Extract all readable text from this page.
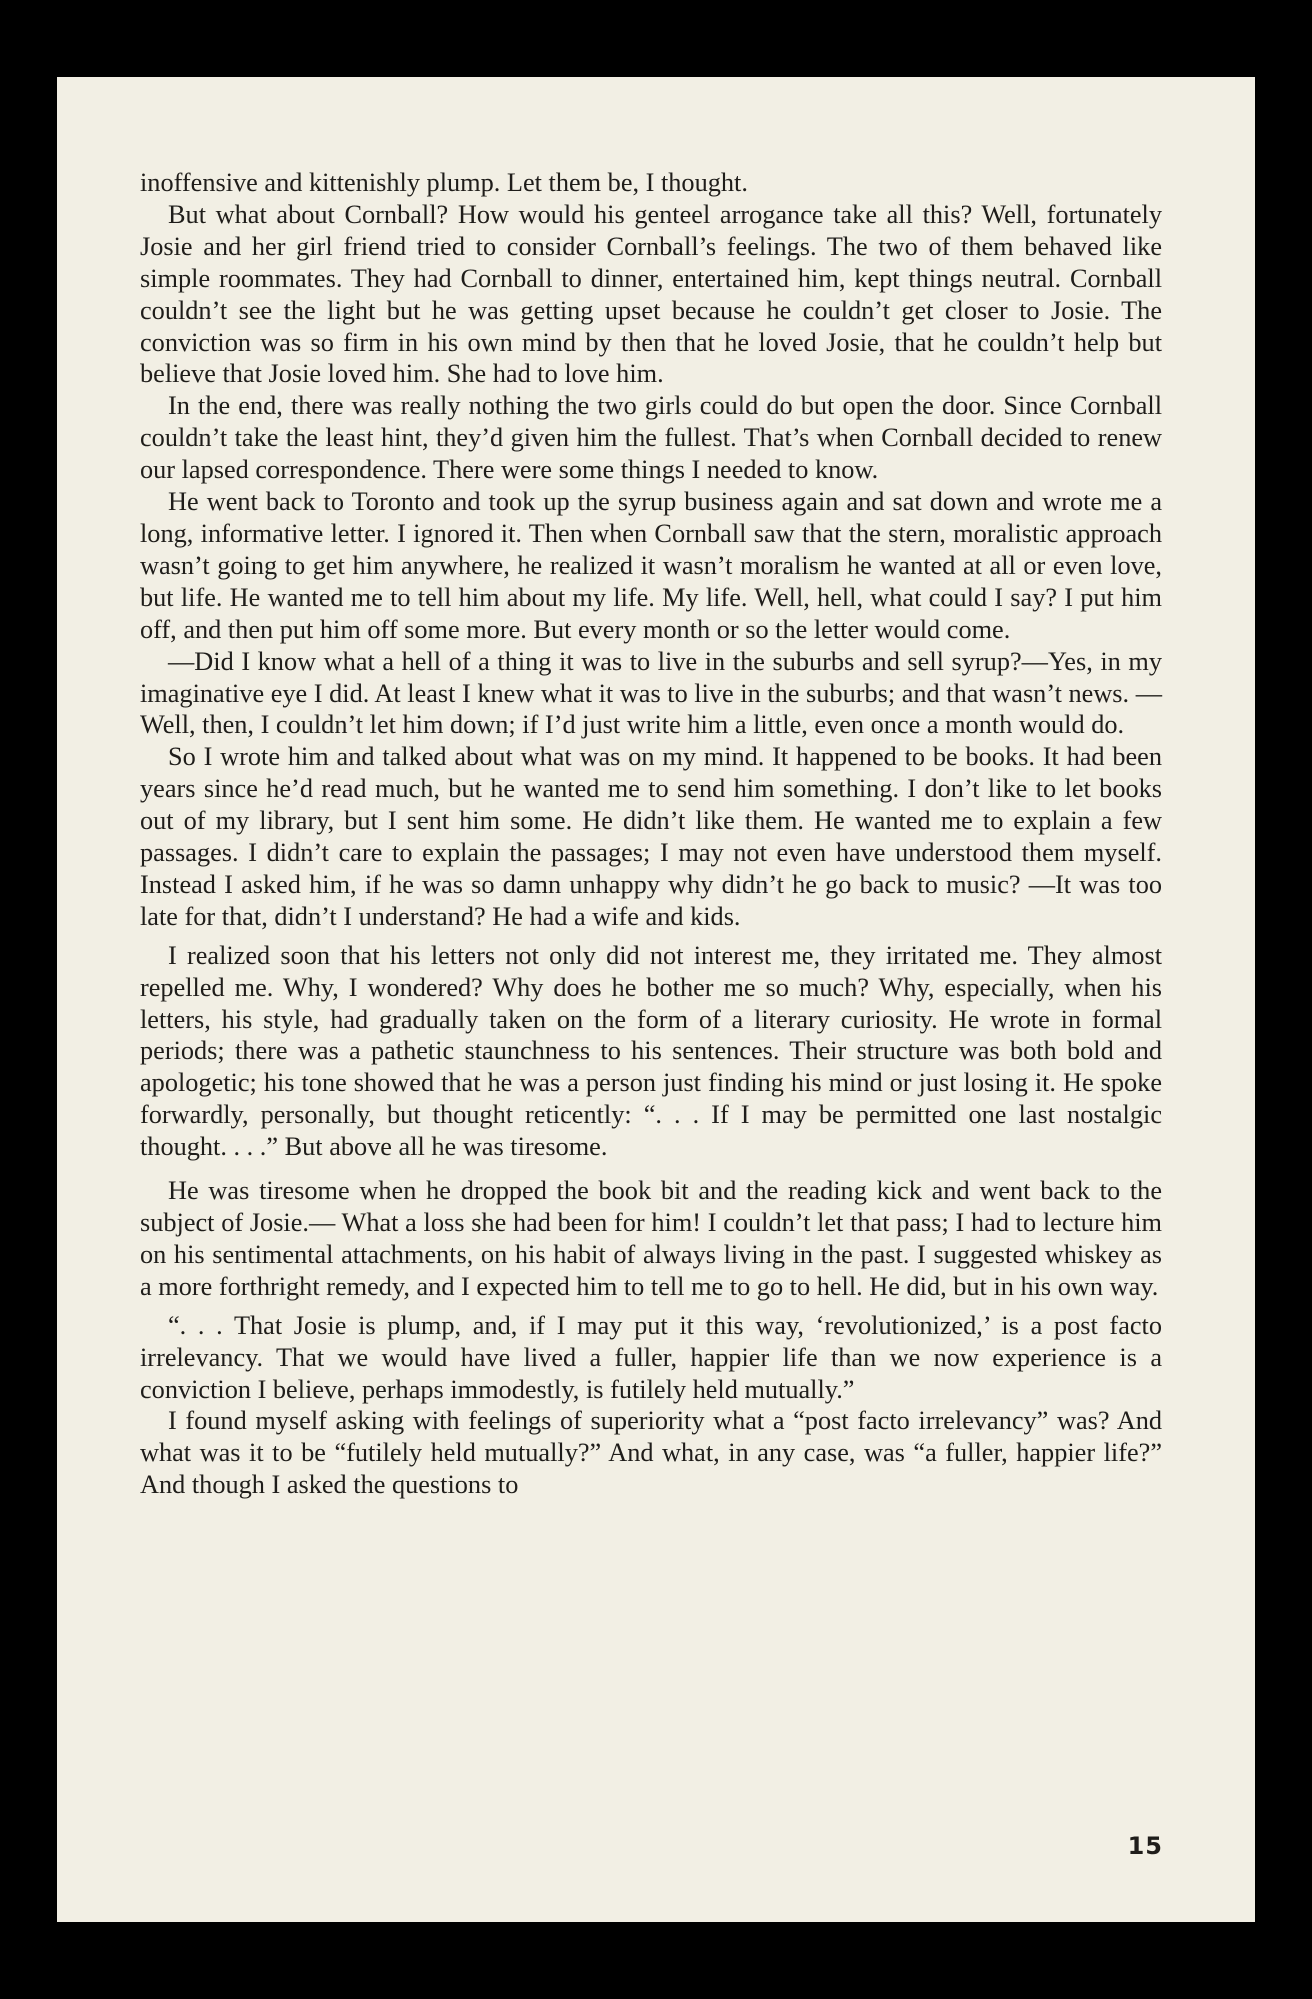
inoffensive and kittenishly plump. Let them be, I thought.

But what about Cornball? How would his genteel arrogance take all this? Well, fortunately Josie and her girl friend tried to consider Cornball’s feelings. The two of them behaved like simple roommates. They had Cornball to dinner, entertained him, kept things neutral. Cornball couldn’t see the light but he was getting upset because he couldn’t get closer to Josie. The conviction was so firm in his own mind by then that he loved Josie, that he couldn’t help but believe that Josie loved him. She had to love him.

In the end, there was really nothing the two girls could do but open the door. Since Cornball couldn’t take the least hint, they’d given him the fullest. That’s when Cornball decided to renew our lapsed correspondence. There were some things I needed to know.

He went back to Toronto and took up the syrup business again and sat down and wrote me a long, informative letter. I ignored it. Then when Cornball saw that the stern, moralistic approach wasn’t going to get him anywhere, he realized it wasn’t moralism he wanted at all or even love, but life. He wanted me to tell him about my life. My life. Well, hell, what could I say? I put him off, and then put him off some more. But every month or so the letter would come.

—Did I know what a hell of a thing it was to live in the suburbs and sell syrup?—Yes, in my imaginative eye I did. At least I knew what it was to live in the suburbs; and that wasn’t news. —Well, then, I couldn’t let him down; if I’d just write him a little, even once a month would do.

So I wrote him and talked about what was on my mind. It happened to be books. It had been years since he’d read much, but he wanted me to send him something. I don’t like to let books out of my library, but I sent him some. He didn’t like them. He wanted me to explain a few passages. I didn’t care to explain the passages; I may not even have understood them myself. Instead I asked him, if he was so damn unhappy why didn’t he go back to music? —It was too late for that, didn’t I understand? He had a wife and kids.

I realized soon that his letters not only did not interest me, they irritated me. They almost repelled me. Why, I wondered? Why does he bother me so much? Why, especially, when his letters, his style, had gradually taken on the form of a literary curiosity. He wrote in formal periods; there was a pathetic staunchness to his sentences. Their structure was both bold and apologetic; his tone showed that he was a person just finding his mind or just losing it. He spoke forwardly, personally, but thought reticently: “. . . If I may be permitted one last nostalgic thought. . . .” But above all he was tiresome.

He was tiresome when he dropped the book bit and the reading kick and went back to the subject of Josie.— What a loss she had been for him! I couldn’t let that pass; I had to lecture him on his sentimental attachments, on his habit of always living in the past. I suggested whiskey as a more forthright remedy, and I expected him to tell me to go to hell. He did, but in his own way.

“. . . That Josie is plump, and, if I may put it this way, ‘revolutionized,’ is a post facto irrelevancy. That we would have lived a fuller, happier life than we now experience is a conviction I believe, perhaps immodestly, is futilely held mutually.”

I found myself asking with feelings of superiority what a “post facto irrelevancy” was? And what was it to be “futilely held mutually?” And what, in any case, was “a fuller, happier life?” And though I asked the questions to

15
